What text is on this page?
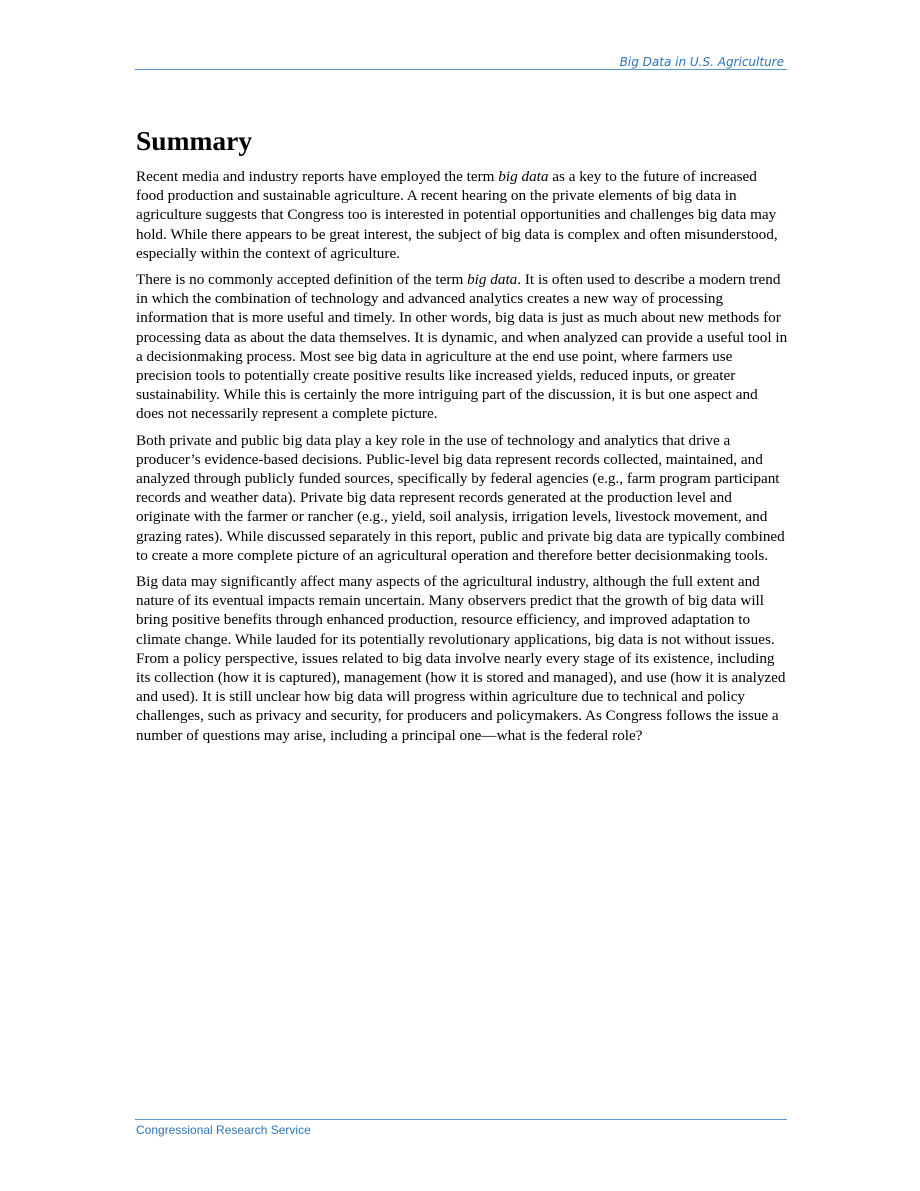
Big Data in U.S. Agriculture
Summary

Recent media and industry reports have employed the term big data as a key to the future of increased food production and sustainable agriculture. A recent hearing on the private elements of big data in agriculture suggests that Congress too is interested in potential opportunities and challenges big data may hold. While there appears to be great interest, the subject of big data is complex and often misunderstood, especially within the context of agriculture.

There is no commonly accepted definition of the term big data. It is often used to describe a modern trend in which the combination of technology and advanced analytics creates a new way of processing information that is more useful and timely. In other words, big data is just as much about new methods for processing data as about the data themselves. It is dynamic, and when analyzed can provide a useful tool in a decisionmaking process. Most see big data in agriculture at the end use point, where farmers use precision tools to potentially create positive results like increased yields, reduced inputs, or greater sustainability. While this is certainly the more intriguing part of the discussion, it is but one aspect and does not necessarily represent a complete picture.

Both private and public big data play a key role in the use of technology and analytics that drive a producer’s evidence-based decisions. Public-level big data represent records collected, maintained, and analyzed through publicly funded sources, specifically by federal agencies (e.g., farm program participant records and weather data). Private big data represent records generated at the production level and originate with the farmer or rancher (e.g., yield, soil analysis, irrigation levels, livestock movement, and grazing rates). While discussed separately in this report, public and private big data are typically combined to create a more complete picture of an agricultural operation and therefore better decisionmaking tools.

Big data may significantly affect many aspects of the agricultural industry, although the full extent and nature of its eventual impacts remain uncertain. Many observers predict that the growth of big data will bring positive benefits through enhanced production, resource efficiency, and improved adaptation to climate change. While lauded for its potentially revolutionary applications, big data is not without issues. From a policy perspective, issues related to big data involve nearly every stage of its existence, including its collection (how it is captured), management (how it is stored and managed), and use (how it is analyzed and used). It is still unclear how big data will progress within agriculture due to technical and policy challenges, such as privacy and security, for producers and policymakers. As Congress follows the issue a number of questions may arise, including a principal one—what is the federal role?

Congressional Research Service
